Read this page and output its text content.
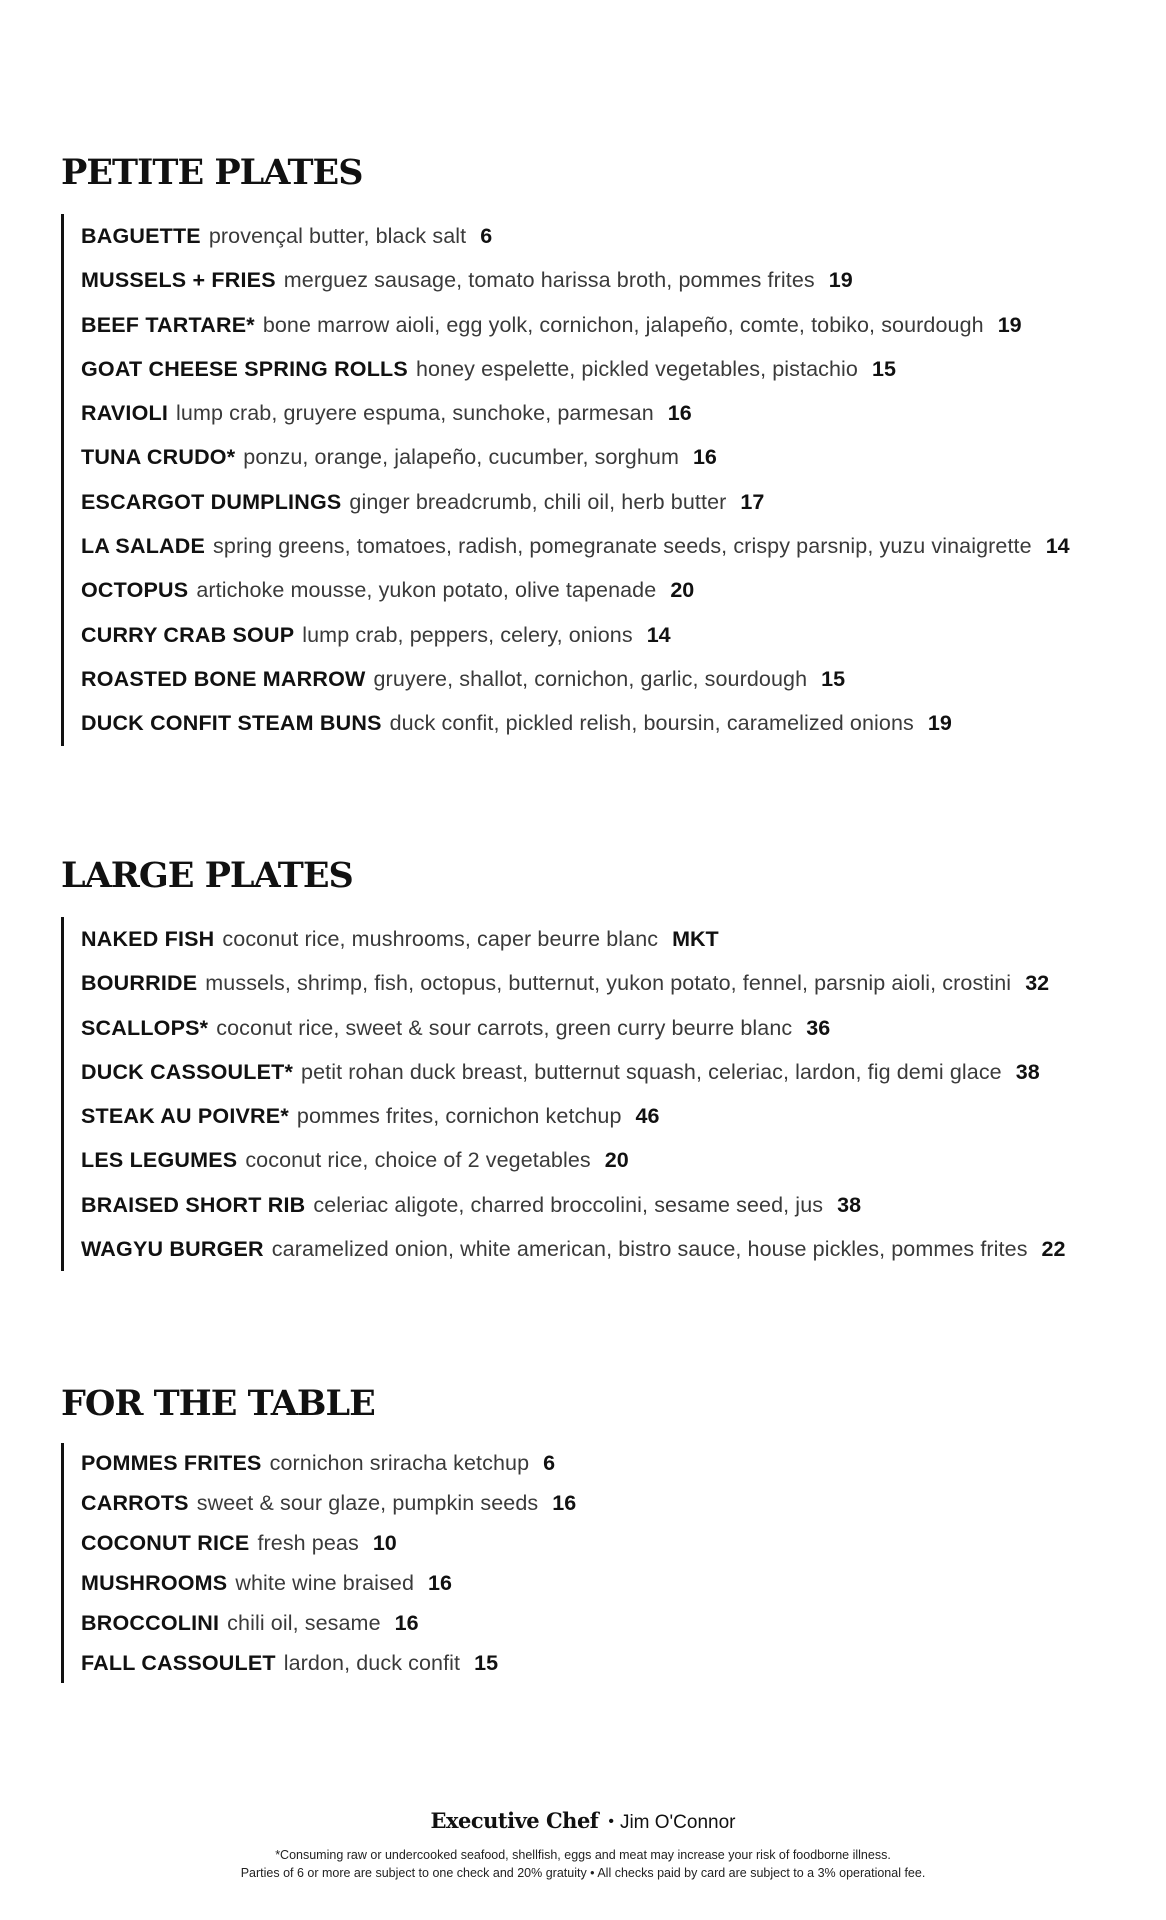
PETITE PLATES
BAGUETTE provençal butter, black salt 6
MUSSELS + FRIES merguez sausage, tomato harissa broth, pommes frites 19
BEEF TARTARE* bone marrow aioli, egg yolk, cornichon, jalapeño, comte, tobiko, sourdough 19
GOAT CHEESE SPRING ROLLS honey espelette, pickled vegetables, pistachio 15
RAVIOLI lump crab, gruyere espuma, sunchoke, parmesan 16
TUNA CRUDO* ponzu, orange, jalapeño, cucumber, sorghum 16
ESCARGOT DUMPLINGS ginger breadcrumb, chili oil, herb butter 17
LA SALADE spring greens, tomatoes, radish, pomegranate seeds, crispy parsnip, yuzu vinaigrette 14
OCTOPUS artichoke mousse, yukon potato, olive tapenade 20
CURRY CRAB SOUP lump crab, peppers, celery, onions 14
ROASTED BONE MARROW gruyere, shallot, cornichon, garlic, sourdough 15
DUCK CONFIT STEAM BUNS duck confit, pickled relish, boursin, caramelized onions 19
LARGE PLATES
NAKED FISH coconut rice, mushrooms, caper beurre blanc MKT
BOURRIDE mussels, shrimp, fish, octopus, butternut, yukon potato, fennel, parsnip aioli, crostini 32
SCALLOPS* coconut rice, sweet & sour carrots, green curry beurre blanc 36
DUCK CASSOULET* petit rohan duck breast, butternut squash, celeriac, lardon, fig demi glace 38
STEAK AU POIVRE* pommes frites, cornichon ketchup 46
LES LEGUMES coconut rice, choice of 2 vegetables 20
BRAISED SHORT RIB celeriac aligote, charred broccolini, sesame seed, jus 38
WAGYU BURGER caramelized onion, white american, bistro sauce, house pickles, pommes frites 22
FOR THE TABLE
POMMES FRITES cornichon sriracha ketchup 6
CARROTS sweet & sour glaze, pumpkin seeds 16
COCONUT RICE fresh peas 10
MUSHROOMS white wine braised 16
BROCCOLINI chili oil, sesame 16
FALL CASSOULET lardon, duck confit 15
Executive Chef • Jim O'Connor
*Consuming raw or undercooked seafood, shellfish, eggs and meat may increase your risk of foodborne illness.
Parties of 6 or more are subject to one check and 20% gratuity • All checks paid by card are subject to a 3% operational fee.
